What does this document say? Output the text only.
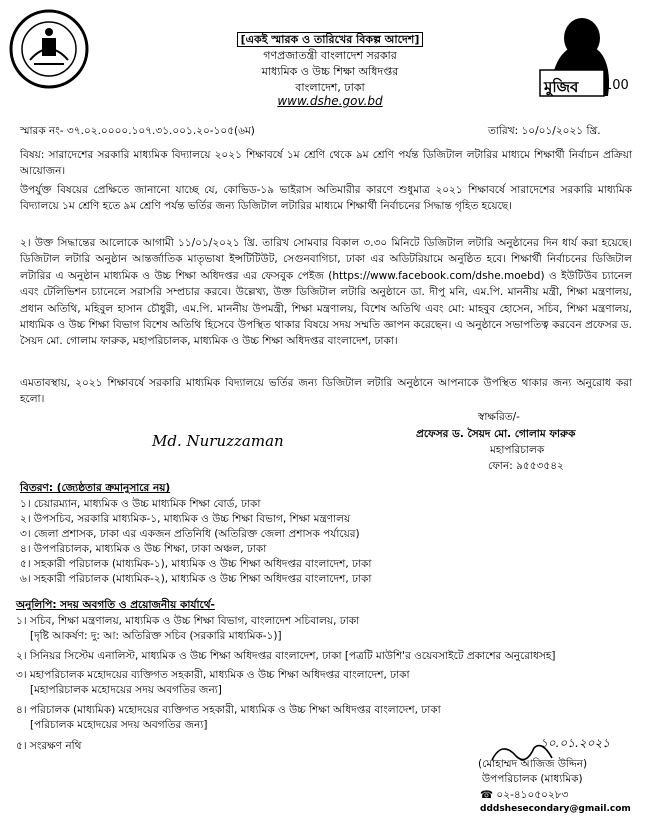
[একই স্মারক ও তারিখের বিকল্প আদেশ]
গণপ্রজাতন্ত্রী বাংলাদেশ সরকার
মাধ্যমিক ও উচ্চ শিক্ষা অধিদপ্তর
বাংলাদেশ, ঢাকা
www.dshe.gov.bd
মুজিব 100
স্মারক নং- ৩৭.০২.০০০০.১০৭.৩১.০০১.২০-১০৫(৬ম)	তারিখ: ১০/০১/২০২১ খ্রি.
বিষয়: সারাদেশের সরকারি মাধ্যমিক বিদ্যালয়ে ২০২১ শিক্ষাবর্ষে ১ম শ্রেণি থেকে ৯ম শ্রেণি পর্যন্ত ডিজিটাল লটারির মাধ্যমে শিক্ষার্থী নির্বাচন প্রক্রিয়া আয়োজন।
উপর্যুক্ত বিষয়ের প্রেক্ষিতে জানানো যাচ্ছে যে, কোভিড-১৯ ভাইরাস অতিমারীর কারণে শুধুমাত্র ২০২১ শিক্ষাবর্ষে সারাদেশের সরকারি মাধ্যমিক বিদ্যালয়ে ১ম শ্রেণি হতে ৯ম শ্রেণি পর্যন্ত ভর্তির জন্য ডিজিটাল লটারির মাধ্যমে শিক্ষার্থী নির্বাচনের সিদ্ধান্ত গৃহিত হয়েছে।
২। উক্ত সিদ্ধান্তের আলোকে আগামী ১১/০১/২০২১ খ্রি. তারিখ সোমবার বিকাল ৩.৩০ মিনিটে ডিজিটাল লটারি অনুষ্ঠানের দিন ধার্য করা হয়েছে। ডিজিটাল লটারি অনুষ্ঠান আন্তর্জাতিক মাতৃভাষা ইন্সটিটিউট, সেগুনবাগিচা, ঢাকা এর অডিটরিয়ামে অনুষ্ঠিত হবে। শিক্ষার্থী নির্বাচনের ডিজিটাল লটারির এ অনুষ্ঠান মাধ্যমিক ও উচ্চ শিক্ষা অধিদপ্তর এর ফেসবুক পেইজ (https://www.facebook.com/dshe.moebd) ও ইউটিউব চ্যানেল এবং টেলিভিশন চ্যানেলে সরাসরি সম্প্রচার করবে। উল্লেখ্য, উক্ত ডিজিটাল লটারি অনুষ্ঠানে ডা. দীপু মনি, এম.পি. মাননীয় মন্ত্রী, শিক্ষা মন্ত্রণালয়, প্রধান অতিথি, মহিবুল হাসান চৌধুরী, এম.পি. মাননীয় উপমন্ত্রী, শিক্ষা মন্ত্রণালয়, বিশেষ অতিথি এবং মো: মাহবুব হোসেন, সচিব, শিক্ষা মন্ত্রণালয়, মাধ্যমিক ও উচ্চ শিক্ষা বিভাগ বিশেষ অতিথি হিসেবে উপস্থিত থাকার বিষয়ে সদয় সম্মতি জ্ঞাপন করেছেন। এ অনুষ্ঠানে সভাপতিত্ব করবেন প্রফেসর ড. সৈয়দ মো. গোলাম ফারুক, মহাপরিচালক, মাধ্যমিক ও উচ্চ শিক্ষা অধিদপ্তর বাংলাদেশ, ঢাকা।
এমতাবস্থায়, ২০২১ শিক্ষাবর্ষে সরকারি মাধ্যমিক বিদ্যালয়ে ভর্তির জন্য ডিজিটাল লটারি অনুষ্ঠানে আপনাকে উপস্থিত থাকার জন্য অনুরোধ করা হলো।
স্বাক্ষরিত/-
Md. Nuruzzaman	প্রফেসর ড. সৈয়দ মো. গোলাম ফারুক
মহাপরিচালক
ফোন: ৯৫৫৩৫৪২
বিতরণ: (জ্যেষ্ঠতার ক্রমানুসারে নয়)
১। চেয়ারম্যান, মাধ্যমিক ও উচ্চ মাধ্যমিক শিক্ষা বোর্ড, ঢাকা
২। উপসচিব, সরকারি মাধ্যমিক-১, মাধ্যমিক ও উচ্চ শিক্ষা বিভাগ, শিক্ষা মন্ত্রণালয়
৩। জেলা প্রশাসক, ঢাকা এর একজন প্রতিনিধি (অতিরিক্ত জেলা প্রশাসক পর্যায়ের)
৪। উপপরিচালক, মাধ্যমিক ও উচ্চ শিক্ষা, ঢাকা অঞ্চল, ঢাকা
৫। সহকারী পরিচালক (মাধ্যমিক-১), মাধ্যমিক ও উচ্চ শিক্ষা অধিদপ্তর বাংলাদেশ, ঢাকা
৬। সহকারী পরিচালক (মাধ্যমিক-২), মাধ্যমিক ও উচ্চ শিক্ষা অধিদপ্তর বাংলাদেশ, ঢাকা
অনুলিপি: সদয় অবগতি ও প্রয়োজনীয় কার্যার্থে-
১। সচিব, শিক্ষা মন্ত্রণালয়, মাধ্যমিক ও উচ্চ শিক্ষা বিভাগ, বাংলাদেশ সচিবালয়, ঢাকা
[দৃষ্টি আকর্ষণ: দু: আ: অতিরিক্ত সচিব (সরকারি মাধ্যমিক-১)]
২। সিনিয়র সিস্টেম এনালিস্ট, মাধ্যমিক ও উচ্চ শিক্ষা অধিদপ্তর বাংলাদেশ, ঢাকা [পত্রটি মাউশি'র ওয়েবসাইটে প্রকাশের অনুরোধসহ]
৩। মহাপরিচালক মহোদয়ের ব্যক্তিগত সহকারী, মাধ্যমিক ও উচ্চ শিক্ষা অধিদপ্তর বাংলাদেশ, ঢাকা
[মহাপরিচালক মহোদয়ের সদয় অবগতির জন্য]
৪। পরিচালক (মাধ্যমিক) মহোদয়ের ব্যক্তিগত সহকারী, মাধ্যমিক ও উচ্চ শিক্ষা অধিদপ্তর বাংলাদেশ, ঢাকা
[পরিচালক মহোদয়ের সদয় অবগতির জন্য]
৫। সংরক্ষণ নথি	১০.০১.২০২১
(মোহাম্মদ আজিজ উদ্দিন)
উপপরিচালক (মাধ্যমিক)
☎ ০২-৪১০৫০২৮৩
dddshesecondary@gmail.com
